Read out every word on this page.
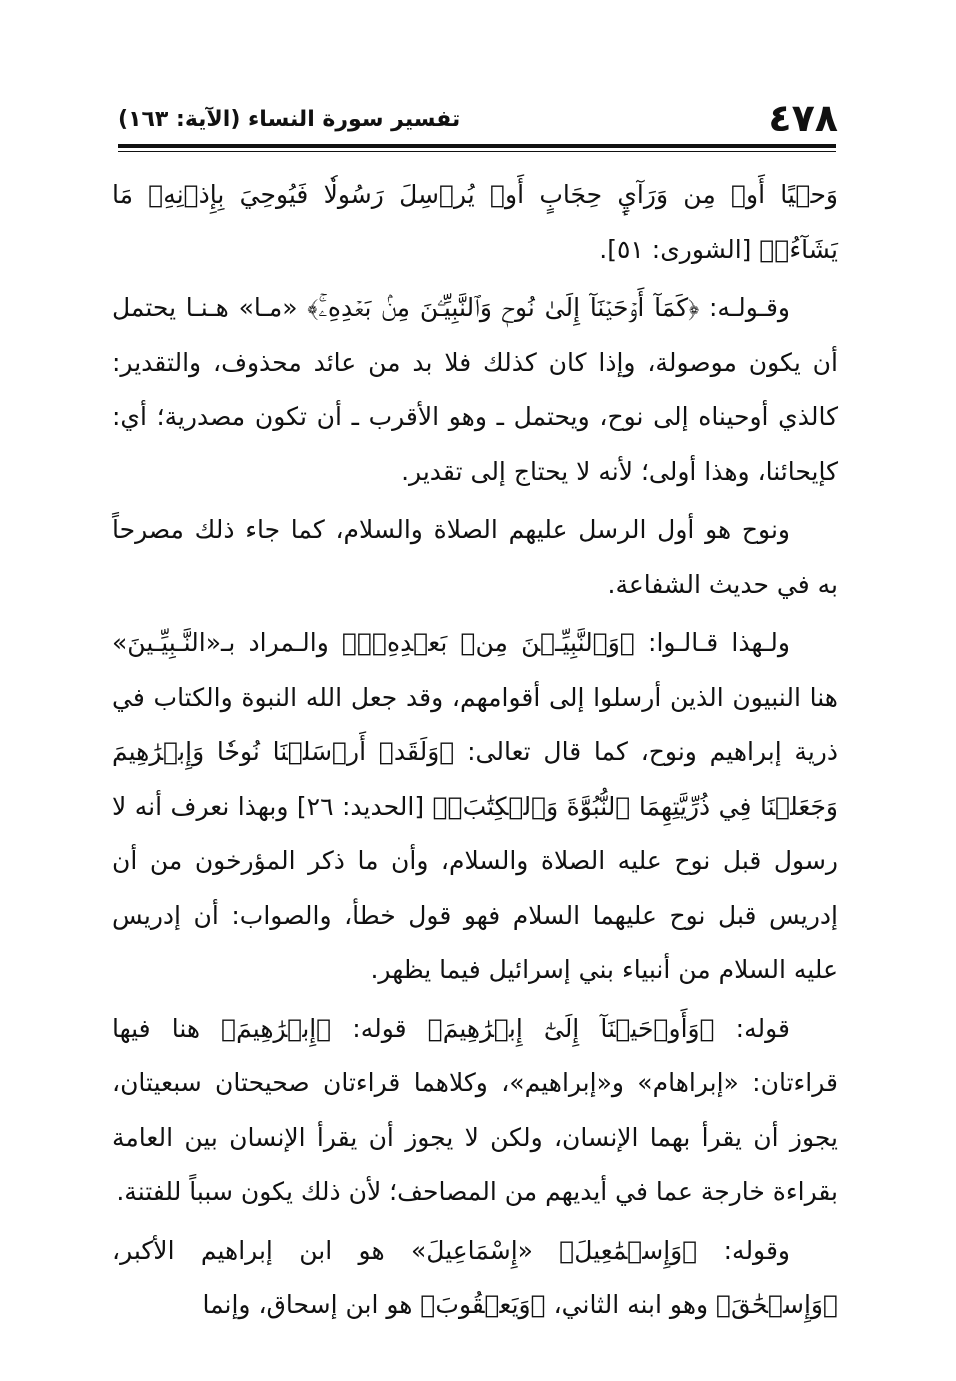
٤٧٨
تفسير سورة النساء (الآية: ١٦٣)

وَحۡيًا أَوۡ مِن وَرَآيِٕ حِجَابٍ أَوۡ يُرۡسِلَ رَسُولٗا فَيُوحِيَ بِإِذۡنِهِۦ مَا يَشَآءُۚ﴾ [الشورى: ٥١].

وقـولـه: ﴿كَمَآ أَوۡحَيۡنَآ إِلَىٰ نُوحٖ وَٱلنَّبِيِّـۧنَ مِنۢ بَعۡدِهِۦۚ﴾ «مـا» هـنـا يحتمل أن يكون موصولة، وإذا كان كذلك فلا بد من عائد محذوف، والتقدير: كالذي أوحيناه إلى نوح، ويحتمل ـ وهو الأقرب ـ أن تكون مصدرية؛ أي: كإيحائنا، وهذا أولى؛ لأنه لا يحتاج إلى تقدير.

ونوح هو أول الرسل عليهم الصلاة والسلام، كما جاء ذلك مصرحاً به في حديث الشفاعة.

ولـهذا قـالـوا: ﴿وَٱلنَّبِيِّـۧنَ مِنۢ بَعۡدِهِۦۚ﴾ والـمراد بـ«النَّـبِيِّـينَ» هنا النبيون الذين أرسلوا إلى أقوامهم، وقد جعل الله النبوة والكتاب في ذرية إبراهيم ونوح، كما قال تعالى: ﴿وَلَقَدۡ أَرۡسَلۡنَا نُوحٗا وَإِبۡرَٰهِيمَ وَجَعَلۡنَا فِي ذُرِّيَّتِهِمَا ٱلنُّبُوَّةَ وَٱلۡكِتَٰبَۖ﴾ [الحديد: ٢٦] وبهذا نعرف أنه لا رسول قبل نوح عليه الصلاة والسلام، وأن ما ذكر المؤرخون من أن إدريس قبل نوح عليهما السلام فهو قول خطأ، والصواب: أن إدريس عليه السلام من أنبياء بني إسرائيل فيما يظهر.

قوله: ﴿وَأَوۡحَيۡنَآ إِلَىٰٓ إِبۡرَٰهِيمَ﴾ قوله: ﴿إِبۡرَٰهِيمَ﴾ هنا فيها قراءتان: «إبراهام» و«إبراهيم»، وكلاهما قراءتان صحيحتان سبعيتان، يجوز أن يقرأ بهما الإنسان، ولكن لا يجوز أن يقرأ الإنسان بين العامة بقراءة خارجة عما في أيديهم من المصاحف؛ لأن ذلك يكون سبباً للفتنة.

وقوله: ﴿وَإِسۡمَٰعِيلَ﴾ «إِسْمَاعِيلَ» هو ابن إبراهيم الأكبر، ﴿وَإِسۡحَٰقَ﴾ وهو ابنه الثاني، ﴿وَيَعۡقُوبَ﴾ هو ابن إسحاق، وإنما
